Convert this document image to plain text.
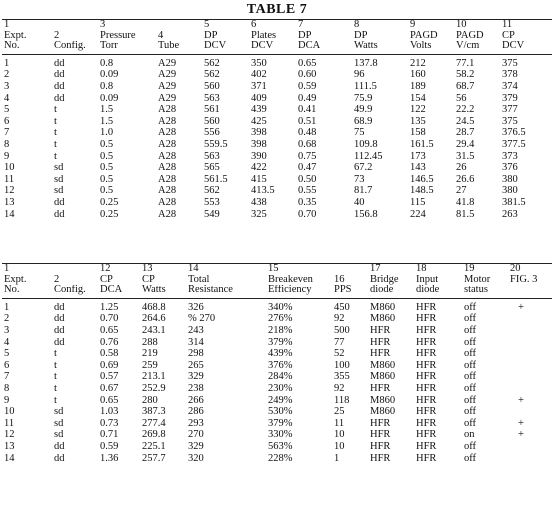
TABLE 7
1		3		5	6	7	8	9	10	11
Expt.	2	Pressure	4	DP	Plates	DP	DP	PAGD	PAGD	CP
No.	Config.	Torr	Tube	DCV	DCV	DCA	Watts	Volts	V/cm	DCV
1	dd	0.8	A29	562	350	0.65	137.8	212	77.1	375
2	dd	0.09	A29	562	402	0.60	96	160	58.2	378
3	dd	0.8	A29	560	371	0.59	111.5	189	68.7	374
4	dd	0.09	A29	563	409	0.49	75.9	154	56	379
5	t	1.5	A28	561	439	0.41	49.9	122	22.2	377
6	t	1.5	A28	560	425	0.51	68.9	135	24.5	375
7	t	1.0	A28	556	398	0.48	75	158	28.7	376.5
8	t	0.5	A28	559.5	398	0.68	109.8	161.5	29.4	377.5
9	t	0.5	A28	563	390	0.75	112.45	173	31.5	373
10	sd	0.5	A28	565	422	0.47	67.2	143	26	376
11	sd	0.5	A28	561.5	415	0.50	73	146.5	26.6	380
12	sd	0.5	A28	562	413.5	0.55	81.7	148.5	27	380
13	dd	0.25	A28	553	438	0.35	40	115	41.8	381.5
14	dd	0.25	A28	549	325	0.70	156.8	224	81.5	263
1		12	13	14	15		17	18	19	20
Expt.	2	CP	CP	Total	Breakeven	16	Bridge	Input	Motor	FIG. 3
No.	Config.	DCA	Watts	Resistance	Efficiency	PPS	diode	diode	status	
1	dd	1.25	468.8	326	340%	450	M860	HFR	off	+
2	dd	0.70	264.6	% 270	276%	92	M860	HFR	off	
3	dd	0.65	243.1	243	218%	500	HFR	HFR	off	
4	dd	0.76	288	314	379%	77	HFR	HFR	off	
5	t	0.58	219	298	439%	52	HFR	HFR	off	
6	t	0.69	259	265	376%	100	M860	HFR	off	
7	t	0.57	213.1	329	284%	355	M860	HFR	off	
8	t	0.67	252.9	238	230%	92	HFR	HFR	off	
9	t	0.65	280	266	249%	118	M860	HFR	off	+
10	sd	1.03	387.3	286	530%	25	M860	HFR	off	
11	sd	0.73	277.4	293	379%	11	HFR	HFR	off	+
12	sd	0.71	269.8	270	330%	10	HFR	HFR	on	+
13	dd	0.59	225.1	329	563%	10	HFR	HFR	off	
14	dd	1.36	257.7	320	228%	1	HFR	HFR	off	
